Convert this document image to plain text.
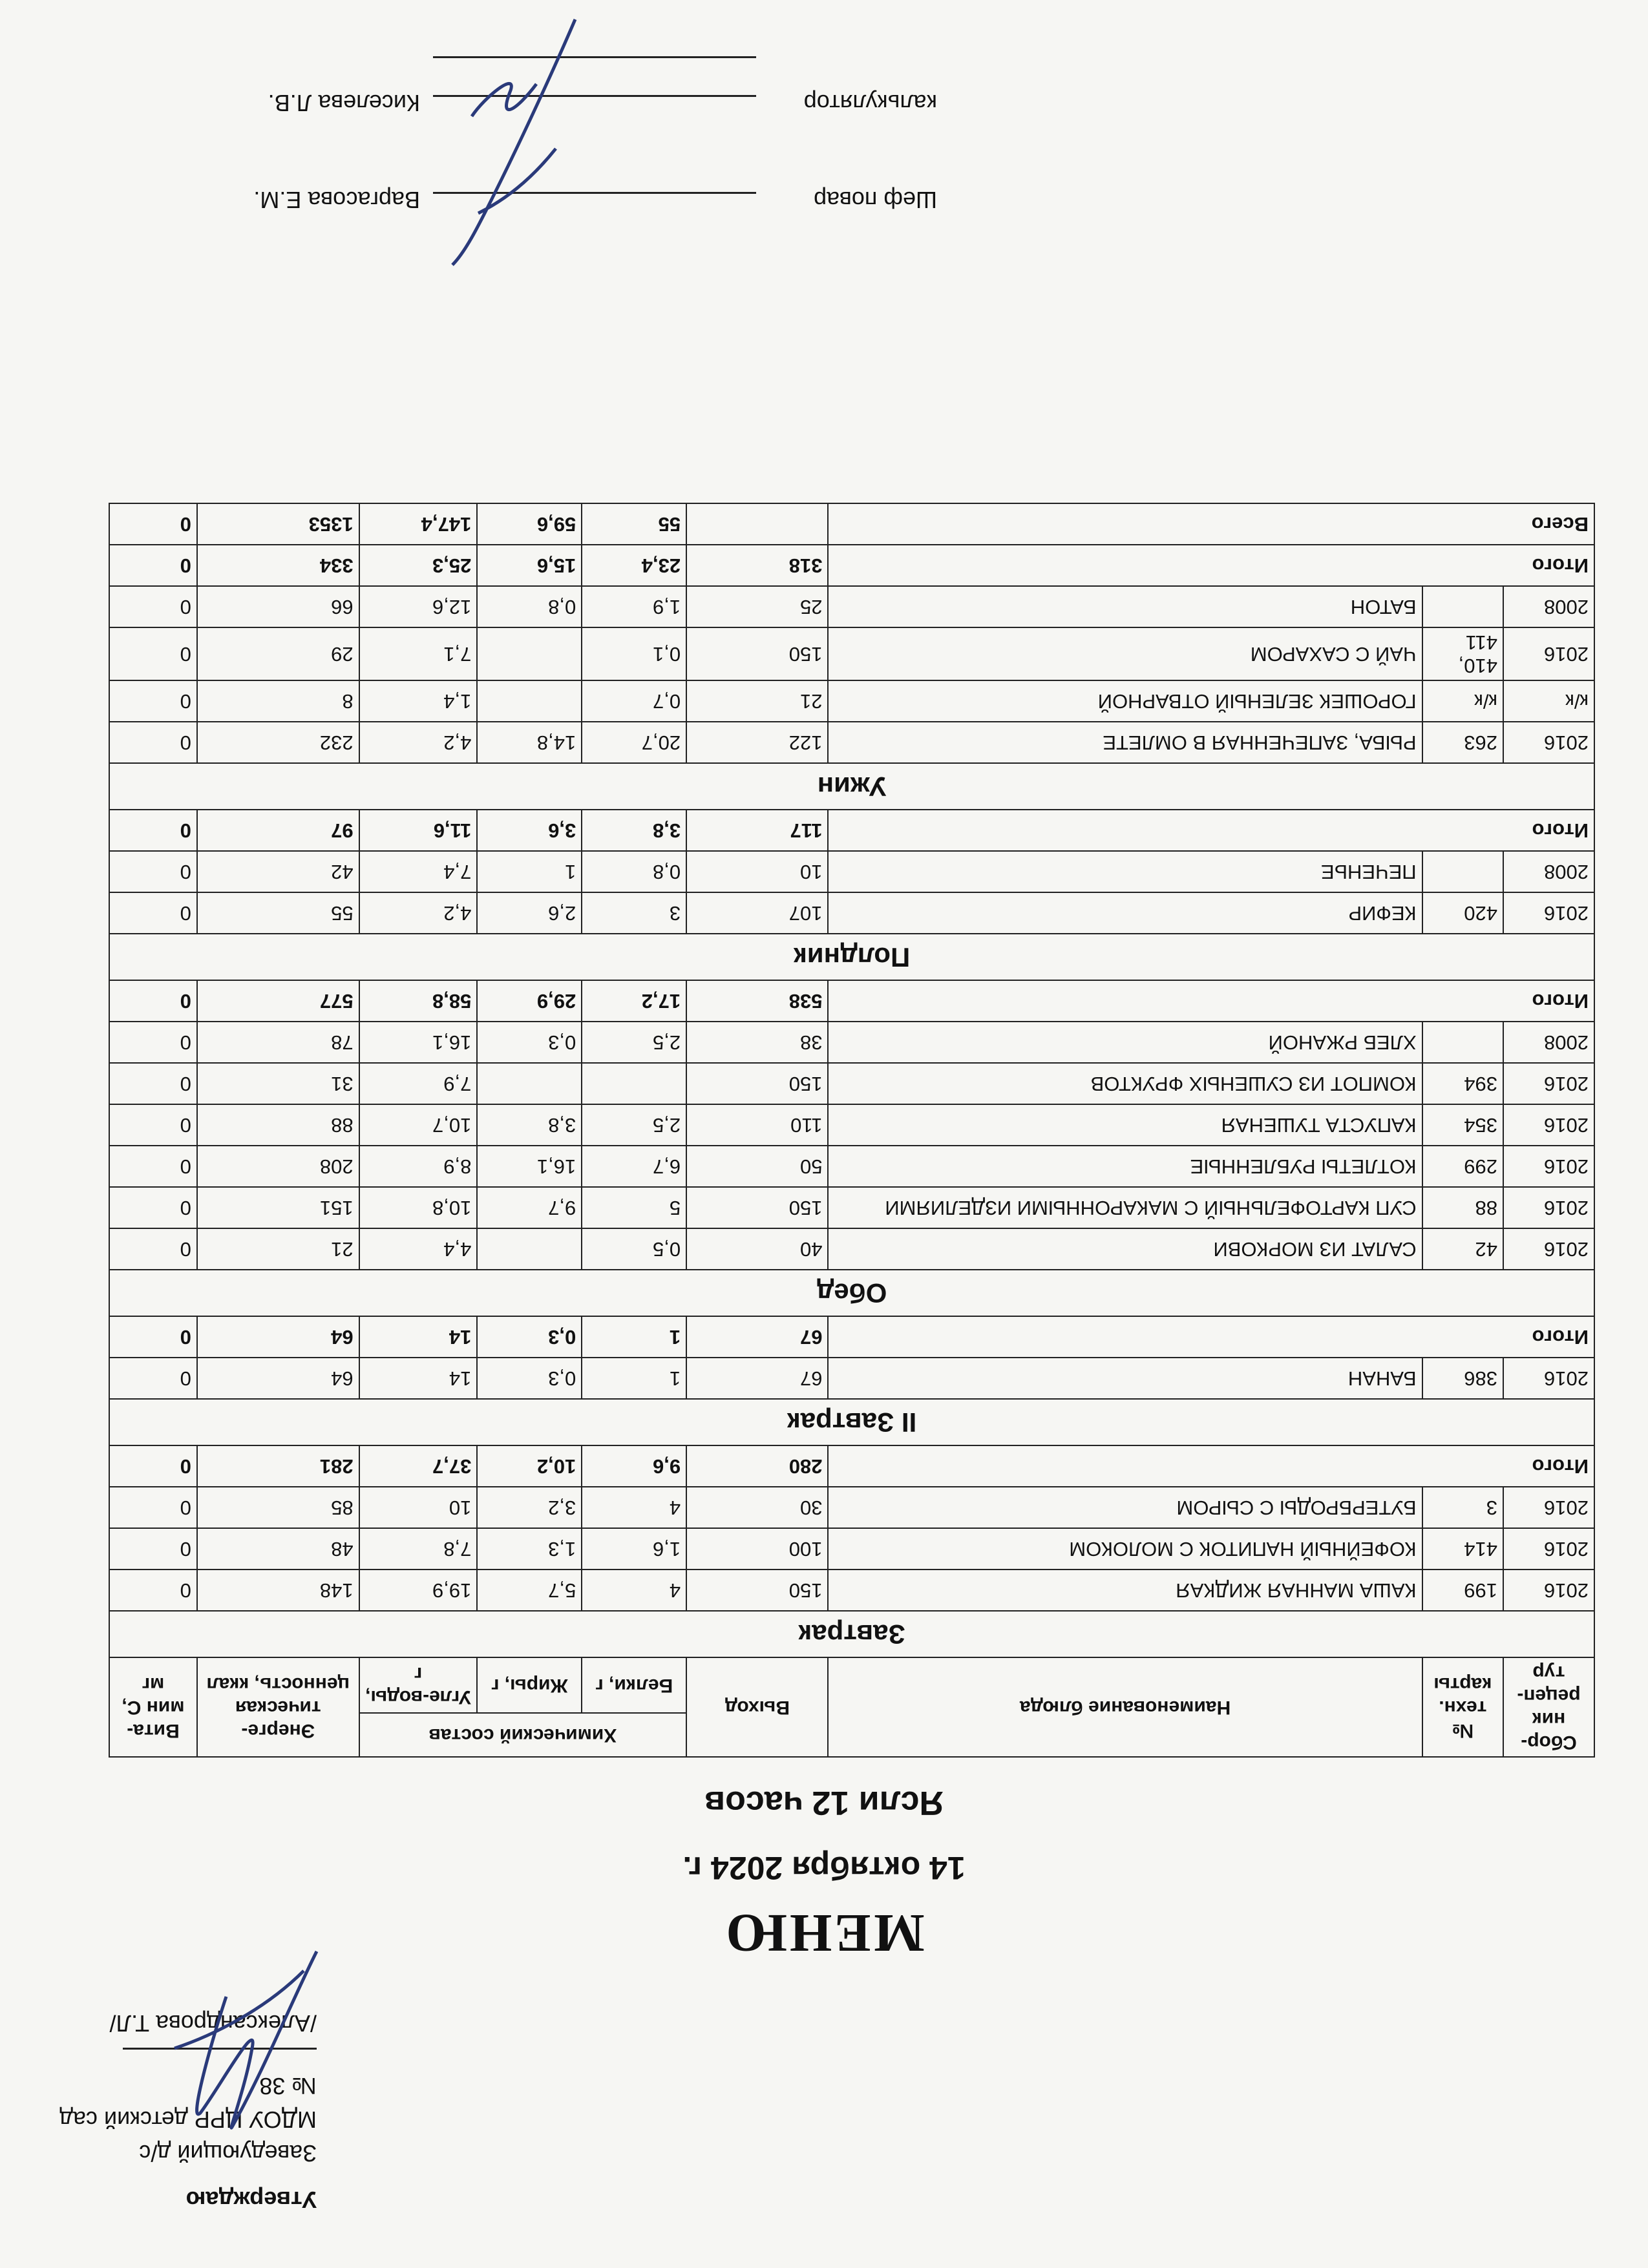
Утверждаю
Заведующий д/с
МДОУ ЦРР детский сад № 38
/Александрова Т.Л/
МЕНЮ
14 октября 2024 г.
Ясли 12 часов
Сбор-ник рецеп-тур	№ техн. карты	Наименование блюда	Выход	Химический состав			Энерге-тическая ценность, ккал	Вита-мин С, мг
				Белки, г	Жиры, г	Угле-воды, г		
Завтрак								
2016	199	КАША МАННАЯ ЖИДКАЯ	150	4	5,7	19,9	148	0
2016	414	КОФЕЙНЫЙ НАПИТОК С МОЛОКОМ	100	1,6	1,3	7,8	48	0
2016	3	БУТЕРБРОДЫ С СЫРОМ	30	4	3,2	10	85	0
Итого			280	9,6	10,2	37,7	281	0
II Завтрак								
2016	386	БАНАН	67	1	0,3	14	64	0
Итого			67	1	0,3	14	64	0
Обед								
2016	42	САЛАТ ИЗ МОРКОВИ	40	0,5		4,4	21	0
2016	88	СУП КАРТОФЕЛЬНЫЙ С МАКАРОННЫМИ ИЗДЕЛИЯМИ	150	5	9,7	10,8	151	0
2016	299	КОТЛЕТЫ РУБЛЕННЫЕ	50	6,7	16,1	8,9	208	0
2016	354	КАПУСТА ТУШЕНАЯ	110	2,5	3,8	10,7	88	0
2016	394	КОМПОТ ИЗ СУШЕНЫХ ФРУКТОВ	150			7,9	31	0
2008		ХЛЕБ РЖАНОЙ	38	2,5	0,3	16,1	78	0
Итого			538	17,2	29,9	58,8	577	0
Полдник								
2016	420	КЕФИР	107	3	2,6	4,2	55	0
2008		ПЕЧЕНЬЕ	10	0,8	1	7,4	42	0
Итого			117	3,8	3,6	11,6	97	0
Ужин								
2016	263	РЫБА, ЗАПЕЧЕННАЯ В ОМЛЕТЕ	122	20,7	14,8	4,2	232	0
к/к	к/к	ГОРОШЕК ЗЕЛЕНЫЙ ОТВАРНОЙ	21	0,7		1,4	8	0
2016	410, 411	ЧАЙ С САХАРОМ	150	0,1		7,1	29	0
2008		БАТОН	25	1,9	0,8	12,6	66	0
Итого			318	23,4	15,6	25,3	334	0
Всего				55	59,6	147,4	1353	0
Шеф повар
Варгасова Е.М.
калькулятор
Киселева Л.В.
